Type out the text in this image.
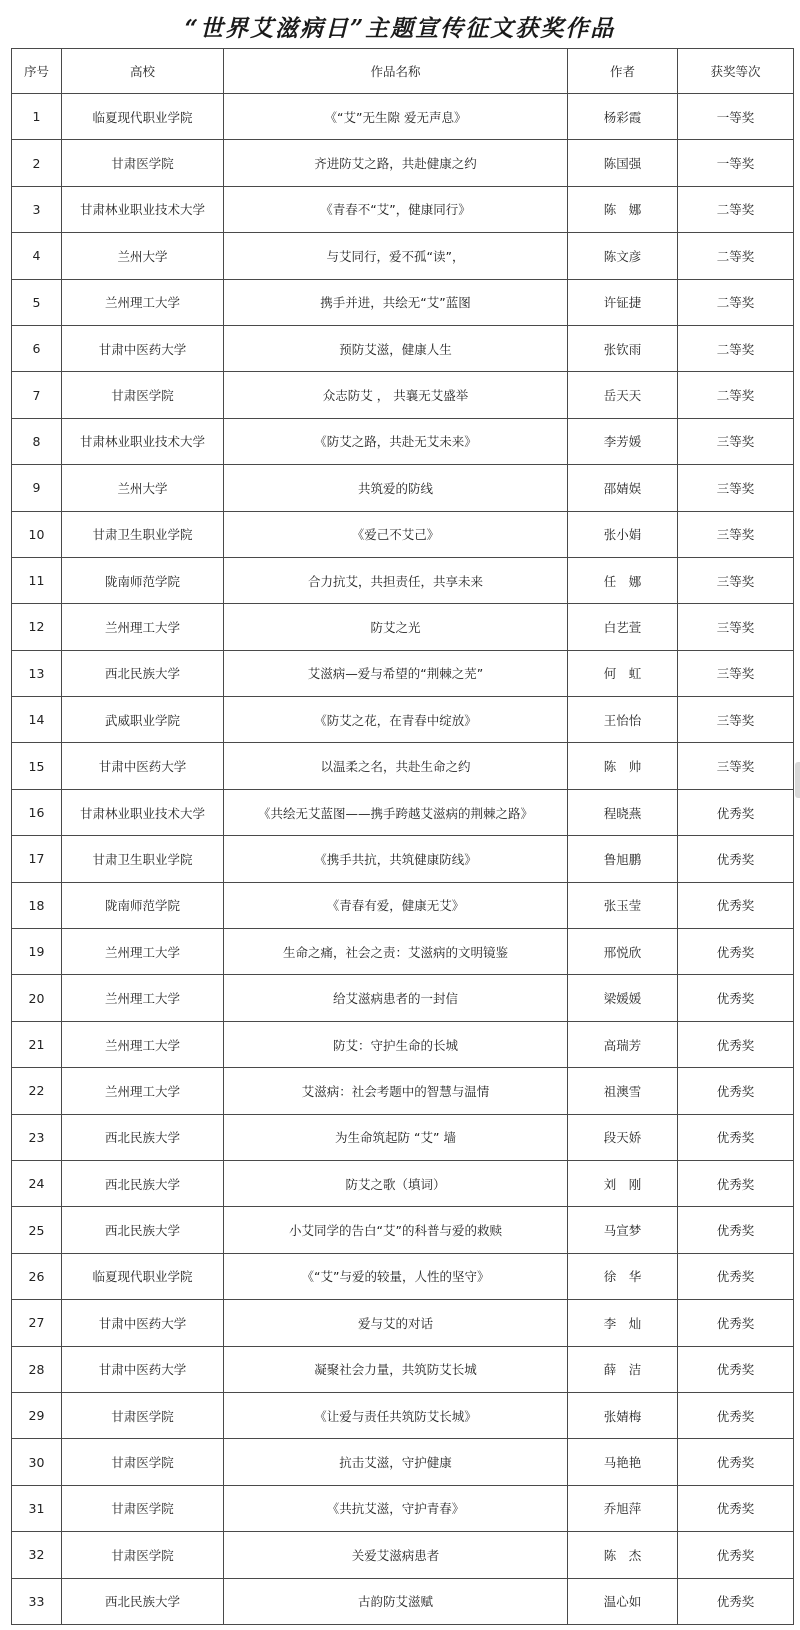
“世界艾滋病日”主题宣传征文获奖作品
序号	高校	作品名称	作者	获奖等次
1	临夏现代职业学院	《“艾”无生隙 爱无声息》	杨彩霞	一等奖
2	甘肃医学院	齐进防艾之路，共赴健康之约	陈国强	一等奖
3	甘肃林业职业技术大学	《青春不“艾”，健康同行》	陈　娜	二等奖
4	兰州大学	与艾同行，爱不孤“读”，	陈文彦	二等奖
5	兰州理工大学	携手并进，共绘无“艾”蓝图	许钲捷	二等奖
6	甘肃中医药大学	预防艾滋，健康人生	张钦雨	二等奖
7	甘肃医学院	众志防艾 ， 共襄无艾盛举	岳天天	二等奖
8	甘肃林业职业技术大学	《防艾之路，共赴无艾未来》	李芳媛	三等奖
9	兰州大学	共筑爱的防线	邵婧娱	三等奖
10	甘肃卫生职业学院	《爱己不艾己》	张小娟	三等奖
11	陇南师范学院	合力抗艾，共担责任，共享未来	任　娜	三等奖
12	兰州理工大学	防艾之光	白艺萱	三等奖
13	西北民族大学	艾滋病—爱与希望的“荆棘之芜”	何　虹	三等奖
14	武威职业学院	《防艾之花，在青春中绽放》	王怡怡	三等奖
15	甘肃中医药大学	以温柔之名，共赴生命之约	陈　帅	三等奖
16	甘肃林业职业技术大学	《共绘无艾蓝图——携手跨越艾滋病的荆棘之路》	程晓燕	优秀奖
17	甘肃卫生职业学院	《携手共抗，共筑健康防线》	鲁旭鹏	优秀奖
18	陇南师范学院	《青春有爱，健康无艾》	张玉莹	优秀奖
19	兰州理工大学	生命之痛，社会之责：艾滋病的文明镜鉴	邢悦欣	优秀奖
20	兰州理工大学	给艾滋病患者的一封信	梁媛媛	优秀奖
21	兰州理工大学	防艾：守护生命的长城	高瑞芳	优秀奖
22	兰州理工大学	艾滋病：社会考题中的智慧与温情	祖澳雪	优秀奖
23	西北民族大学	为生命筑起防 “艾” 墙	段天娇	优秀奖
24	西北民族大学	防艾之歌（填词）	刘　刚	优秀奖
25	西北民族大学	小艾同学的告白“艾”的科普与爱的救赎	马宣梦	优秀奖
26	临夏现代职业学院	《“艾”与爱的较量，人性的坚守》	徐　华	优秀奖
27	甘肃中医药大学	爱与艾的对话	李　灿	优秀奖
28	甘肃中医药大学	凝聚社会力量，共筑防艾长城	薛　洁	优秀奖
29	甘肃医学院	《让爱与责任共筑防艾长城》	张婧梅	优秀奖
30	甘肃医学院	抗击艾滋，守护健康	马艳艳	优秀奖
31	甘肃医学院	《共抗艾滋，守护青春》	乔旭萍	优秀奖
32	甘肃医学院	关爱艾滋病患者	陈　杰	优秀奖
33	西北民族大学	古韵防艾滋赋	温心如	优秀奖
